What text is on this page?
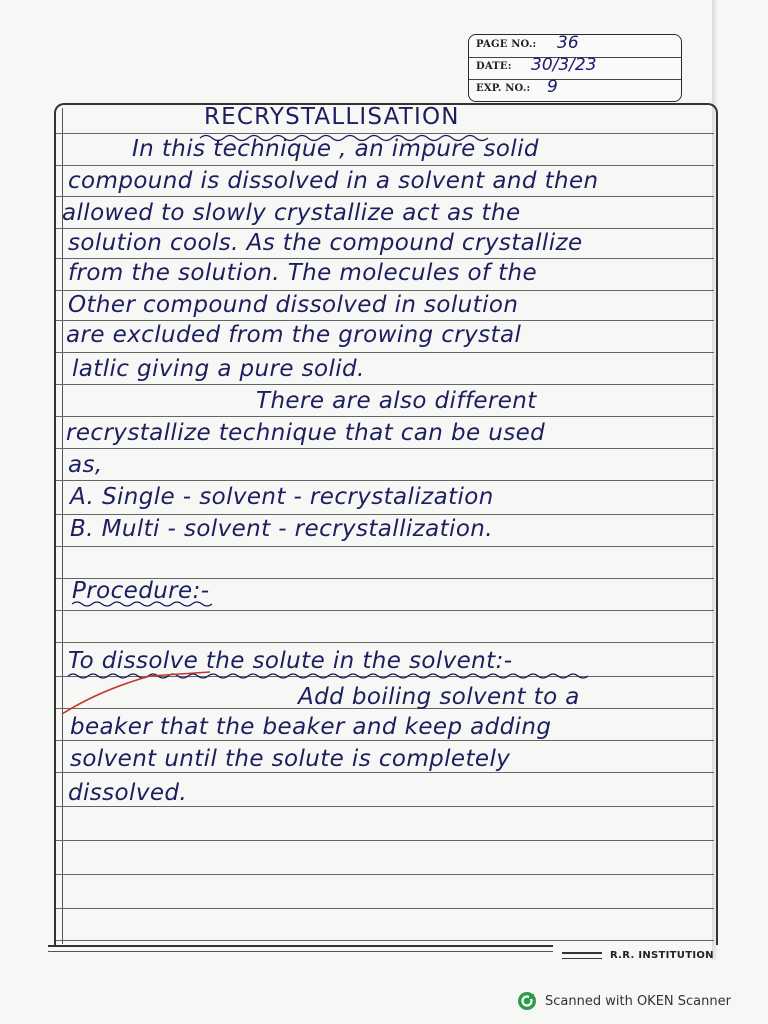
PAGE NO.: 36
DATE: 30/3/23
EXP. NO.: 9
RECRYSTALLISATION
In this technique , an impure solid
compound is dissolved in a solvent and then
allowed to slowly crystallize act as the
solution cools. As the compound crystallize
from the solution. The molecules of the
Other compound dissolved in solution
are excluded from the growing crystal
latlic giving a pure solid.
There are also different
recrystallize technique that can be used
as,
A. Single - solvent - recrystalization
B. Multi - solvent - recrystallization.
Procedure:-
To dissolve the solute in the solvent:-
Add boiling solvent to a
beaker that the beaker and keep adding
solvent until the solute is completely
dissolved.
R.R. INSTITUTION
Scanned with OKEN Scanner
